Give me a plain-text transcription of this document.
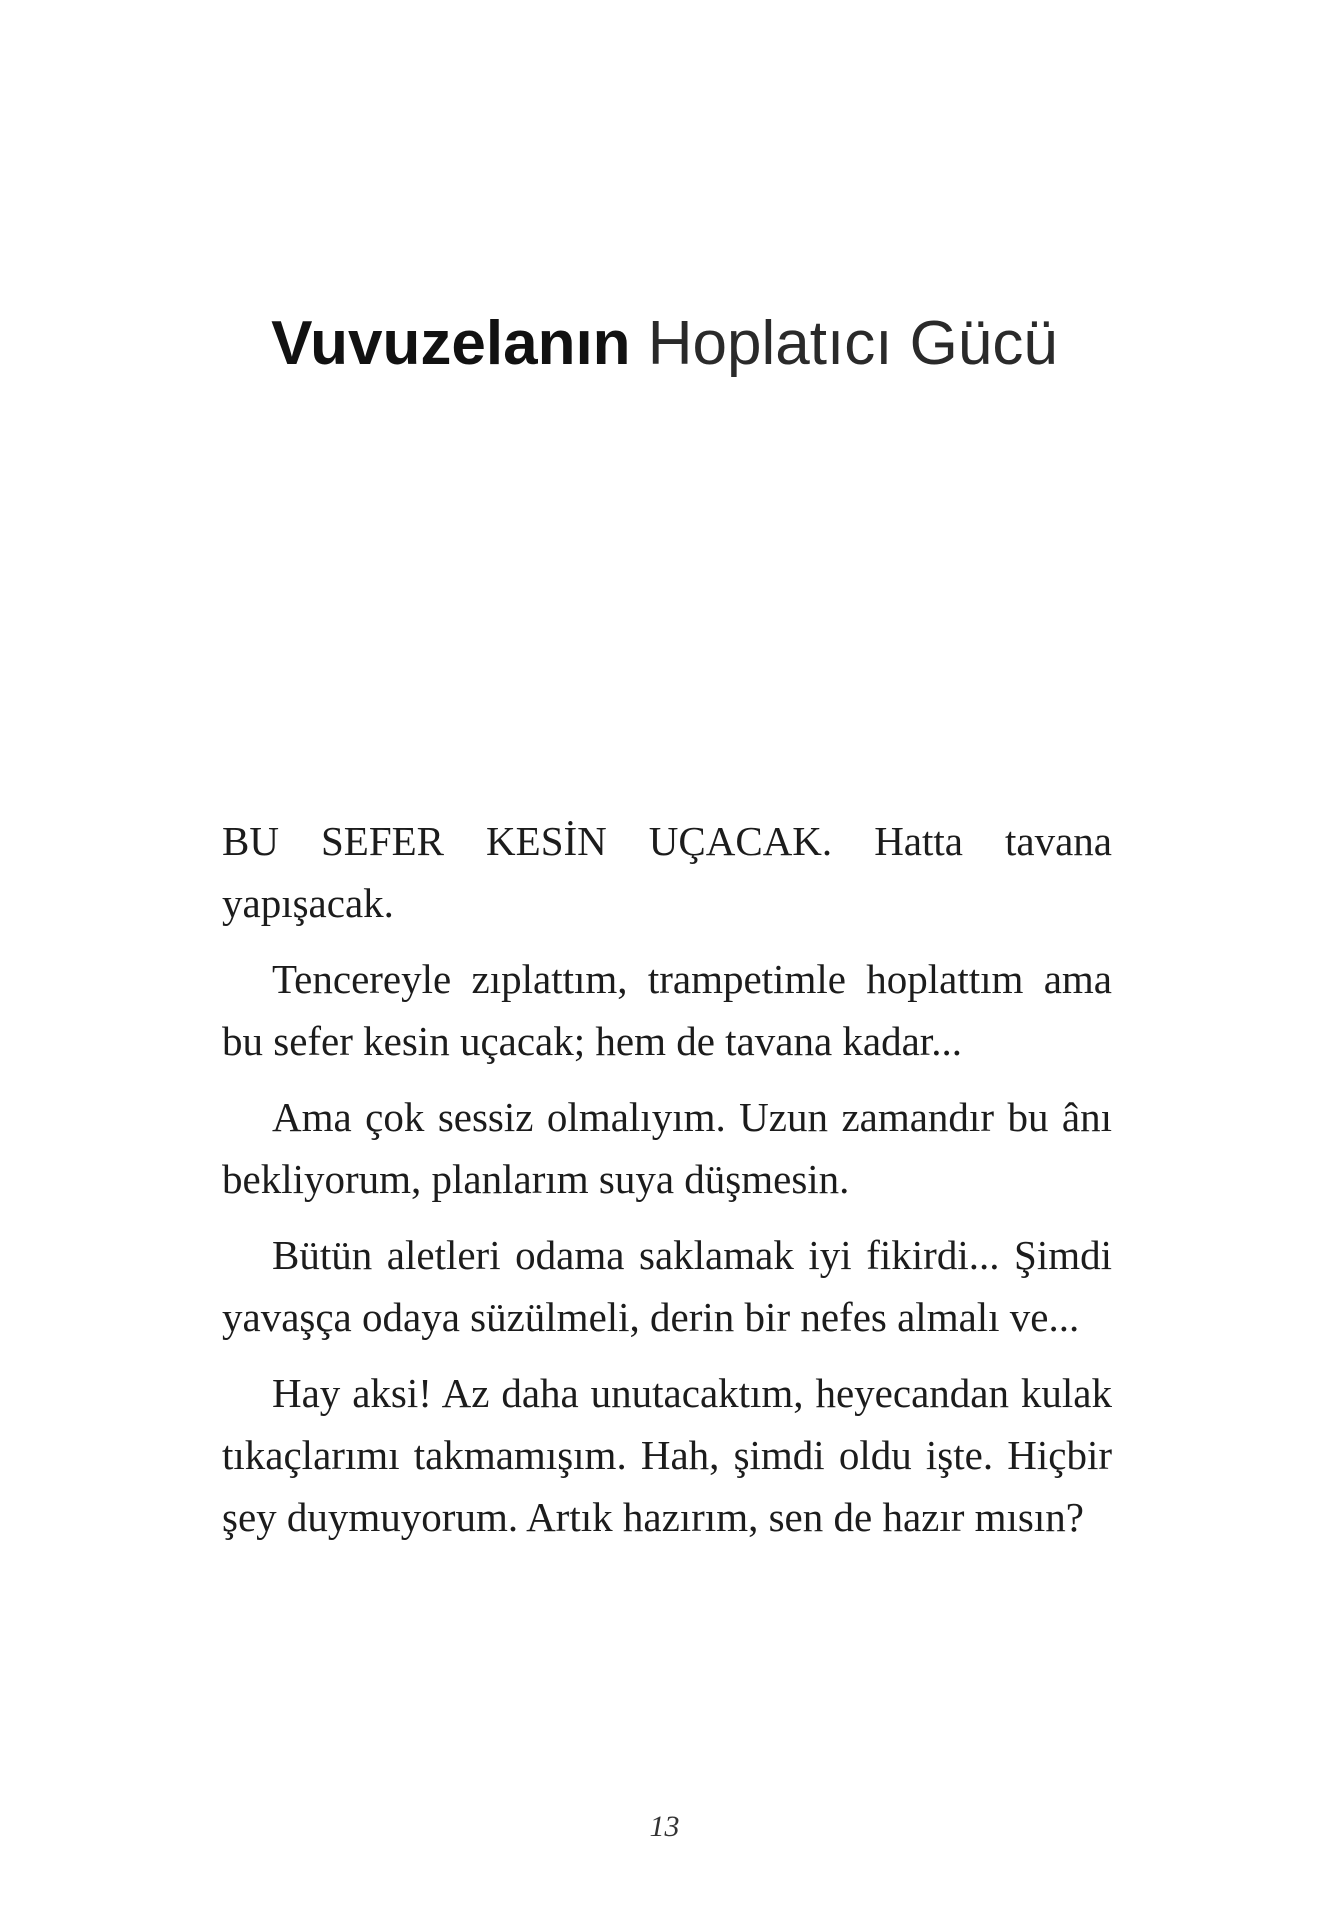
Vuvuzelanın Hoplatıcı Gücü

BU SEFER KESİN UÇACAK. Hatta tavana yapışacak.

Tencereyle zıplattım, trampetimle hoplattım ama bu sefer kesin uçacak; hem de tavana kadar...

Ama çok sessiz olmalıyım. Uzun zamandır bu ânı bekliyorum, planlarım suya düşmesin.

Bütün aletleri odama saklamak iyi fikirdi... Şimdi yavaşça odaya süzülmeli, derin bir nefes almalı ve...

Hay aksi! Az daha unutacaktım, heyecandan kulak tıkaçlarımı takmamışım. Hah, şimdi oldu işte. Hiçbir şey duymuyorum. Artık hazırım, sen de hazır mısın?

13
